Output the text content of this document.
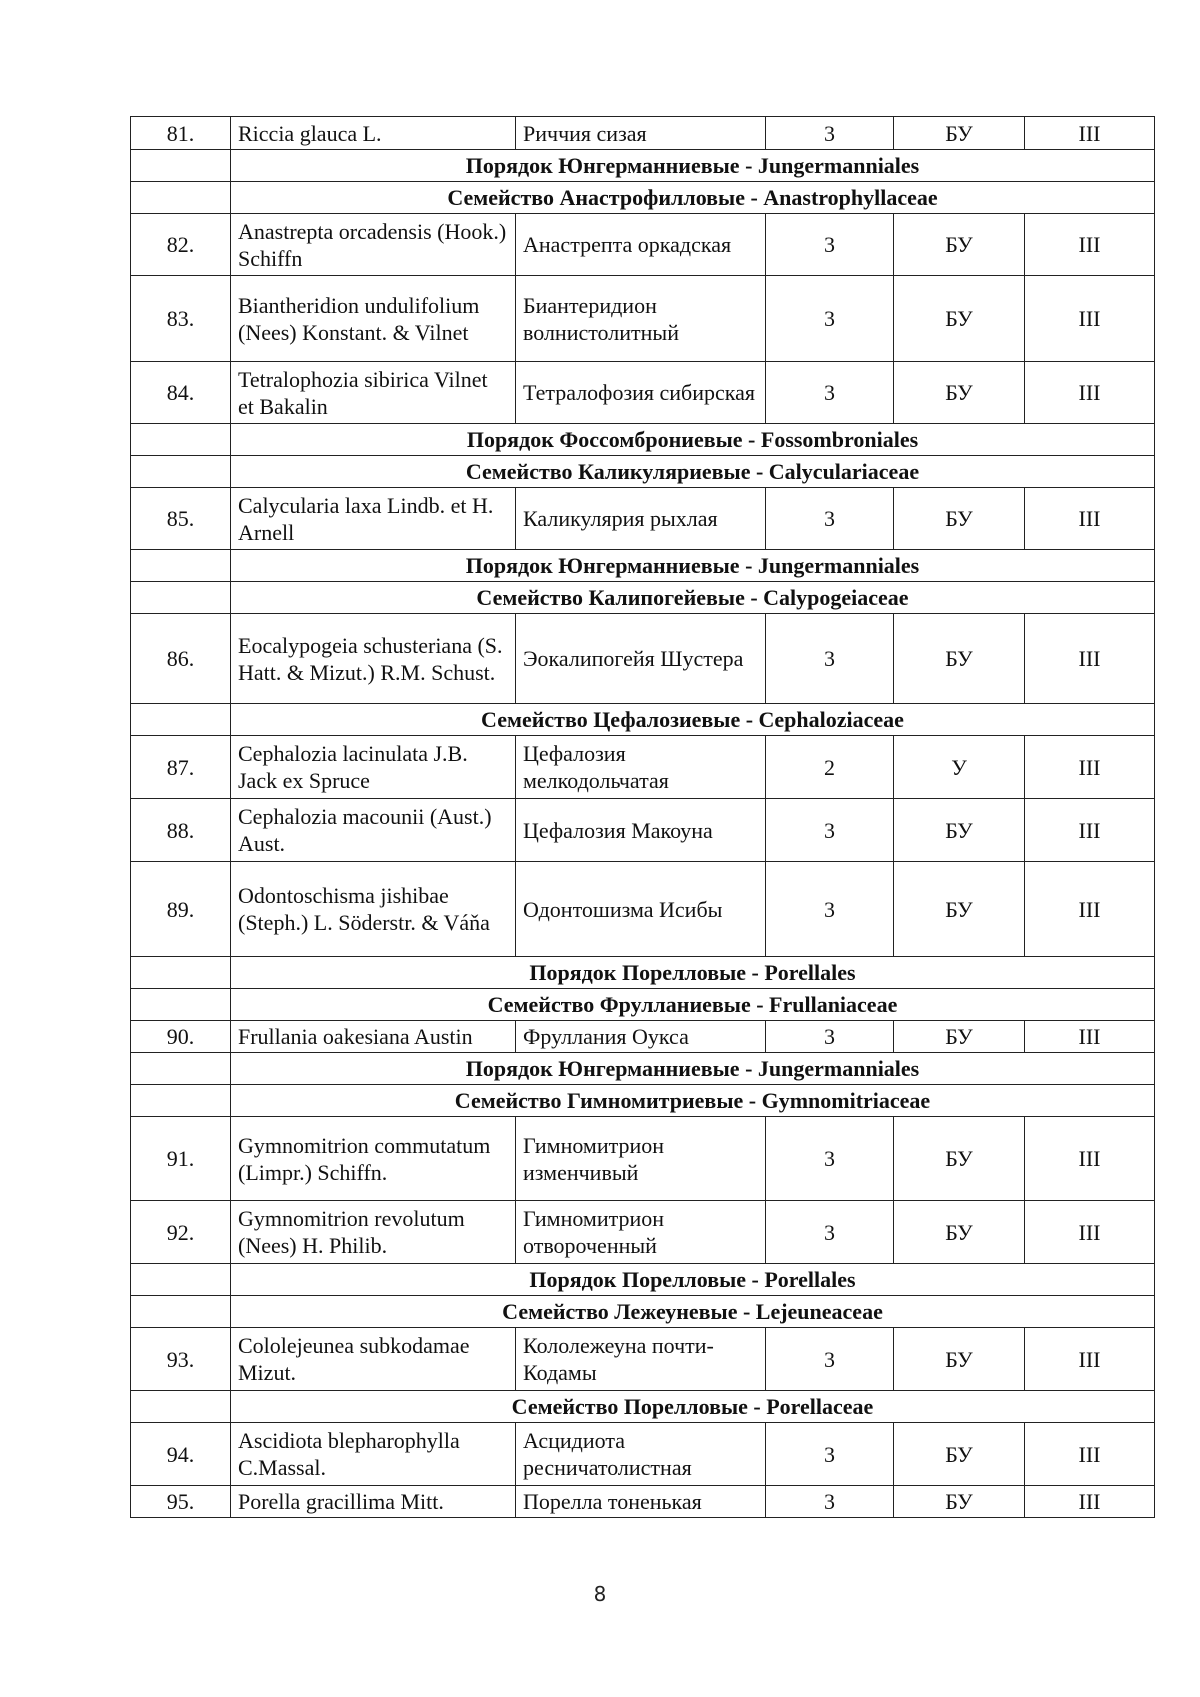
81.	Riccia glauca L.	Риччия сизая	3	БУ	III
	Порядок Юнгерманниевые - Jungermanniales				
	Семейство Анастрофилловые - Anastrophyllaceae				
82.	Anastrepta orcadensis (Hook.) Schiffn	Анастрепта оркадская	3	БУ	III
83.	Biantheridion undulifolium (Nees) Konstant. & Vilnet	Биантеридион волнистолитный	3	БУ	III
84.	Tetralophozia sibirica Vilnet et Bakalin	Тетралофозия сибирская	3	БУ	III
	Порядок Фоссомброниевые - Fossombroniales				
	Семейство Каликуляриевые - Calyculariaceae				
85.	Calycularia laxa Lindb. et H. Arnell	Каликулярия рыхлая	3	БУ	III
	Порядок Юнгерманниевые - Jungermanniales				
	Семейство Калипогейевые - Calypogeiaceae				
86.	Eocalypogeia schusteriana (S. Hatt. & Mizut.) R.M. Schust.	Эокалипогейя Шустера	3	БУ	III
	Семейство Цефалозиевые - Cephaloziaceae				
87.	Cephalozia lacinulata J.B. Jack ex Spruce	Цефалозия мелкодольчатая	2	У	III
88.	Cephalozia macounii (Aust.) Aust.	Цефалозия Макоуна	3	БУ	III
89.	Odontoschisma jishibae (Steph.) L. Söderstr. & Váňa	Одонтошизма Исибы	3	БУ	III
	Порядок Порелловые - Porellales				
	Семейство Фруллaниевые - Frullaniaceae				
90.	Frullania oakesiana Austin	Фруллания Оукса	3	БУ	III
	Порядок Юнгерманниевые - Jungermanniales				
	Семейство Гимномитриевые - Gymnomitriaceae				
91.	Gymnomitrion commutatum (Limpr.) Schiffn.	Гимномитрион изменчивый	3	БУ	III
92.	Gymnomitrion revolutum (Nees) H. Philib.	Гимномитрион отвороченный	3	БУ	III
	Порядок Порелловые - Porellales				
	Семейство Лежеуневые - Lejeuneaceae				
93.	Cololejeunea subkodamae Mizut.	Кололежеуна почти-Кодамы	3	БУ	III
	Семейство Порелловые - Porellaceae				
94.	Ascidiota blepharophylla C.Massal.	Асцидиота ресничатолистная	3	БУ	III
95.	Porella gracillima Mitt.	Порелла тоненькая	3	БУ	III
8
